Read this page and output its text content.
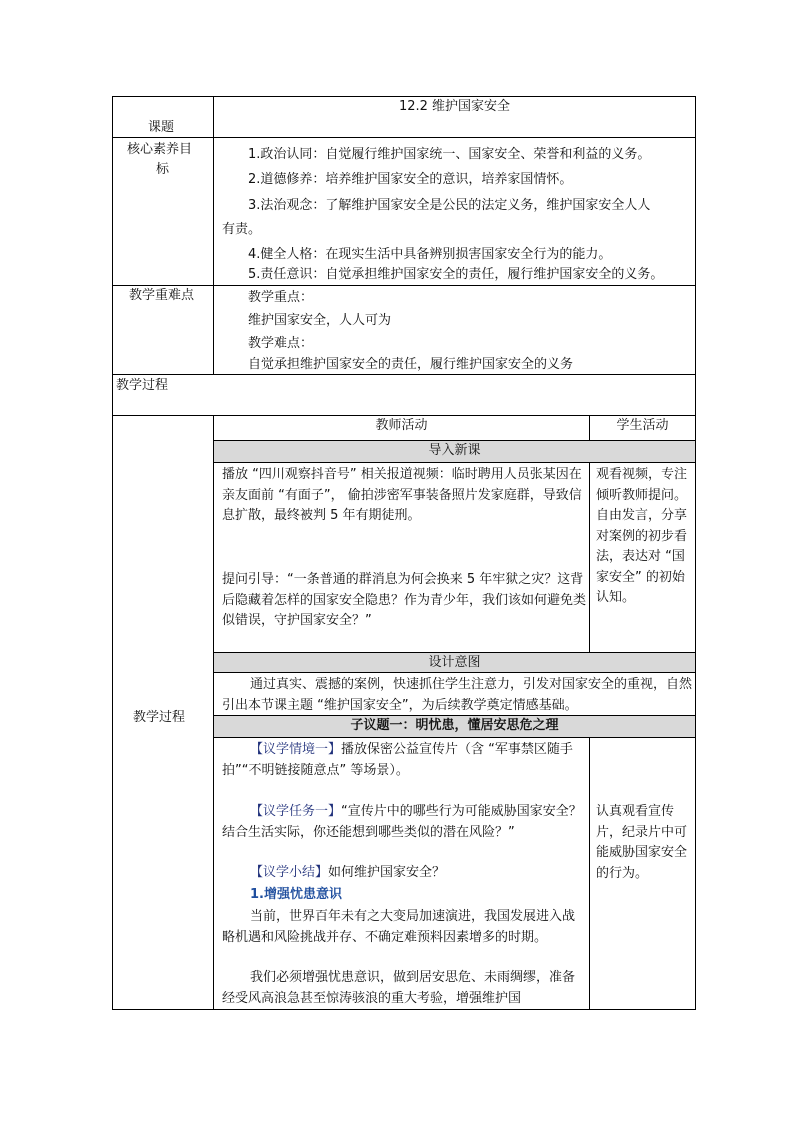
课题
12.2 维护国家安全
核心素养目
标
1.政治认同：自觉履行维护国家统一、国家安全、荣誉和利益的义务。
2.道德修养：培养维护国家安全的意识，培养家国情怀。
3.法治观念：了解维护国家安全是公民的法定义务，维护国家安全人人
有责。
4.健全人格：在现实生活中具备辨别损害国家安全行为的能力。
5.责任意识：自觉承担维护国家安全的责任，履行维护国家安全的义务。
教学重难点	教学重点：
维护国家安全，人人可为
教学难点：
自觉承担维护国家安全的责任，履行维护国家安全的义务
教学过程
教学过程
教师活动	学生活动
导入新课
播放 “四川观察抖音号” 相关报道视频：临时聘用人员张某因在亲友面前 “有面子”， 偷拍涉密军事装备照片发家庭群，导致信息扩散，最终被判 5 年有期徒刑。
提问引导：“一条普通的群消息为何会换来 5 年牢狱之灾？这背后隐藏着怎样的国家安全隐患？作为青少年，我们该如何避免类似错误，守护国家安全？”
观看视频，专注倾听教师提问。自由发言，分享对案例的初步看法，表达对 “国家安全” 的初始认知。
设计意图
通过真实、震撼的案例，快速抓住学生注意力，引发对国家安全的重视，自然引出本节课主题 “维护国家安全”，为后续教学奠定情感基础。
子议题一：明忧患，懂居安思危之理
【议学情境一】播放保密公益宣传片（含 “军事禁区随手拍”“不明链接随意点” 等场景）。
【议学任务一】“宣传片中的哪些行为可能威胁国家安全？结合生活实际，你还能想到哪些类似的潜在风险？”
【议学小结】如何维护国家安全？
1.增强忧患意识
当前，世界百年未有之大变局加速演进，我国发展进入战略机遇和风险挑战并存、不确定难预料因素增多的时期。
我们必须增强忧患意识，做到居安思危、未雨绸缪，准备经受风高浪急甚至惊涛骇浪的重大考验，增强维护国
认真观看宣传片，纪录片中可能威胁国家安全的行为。
